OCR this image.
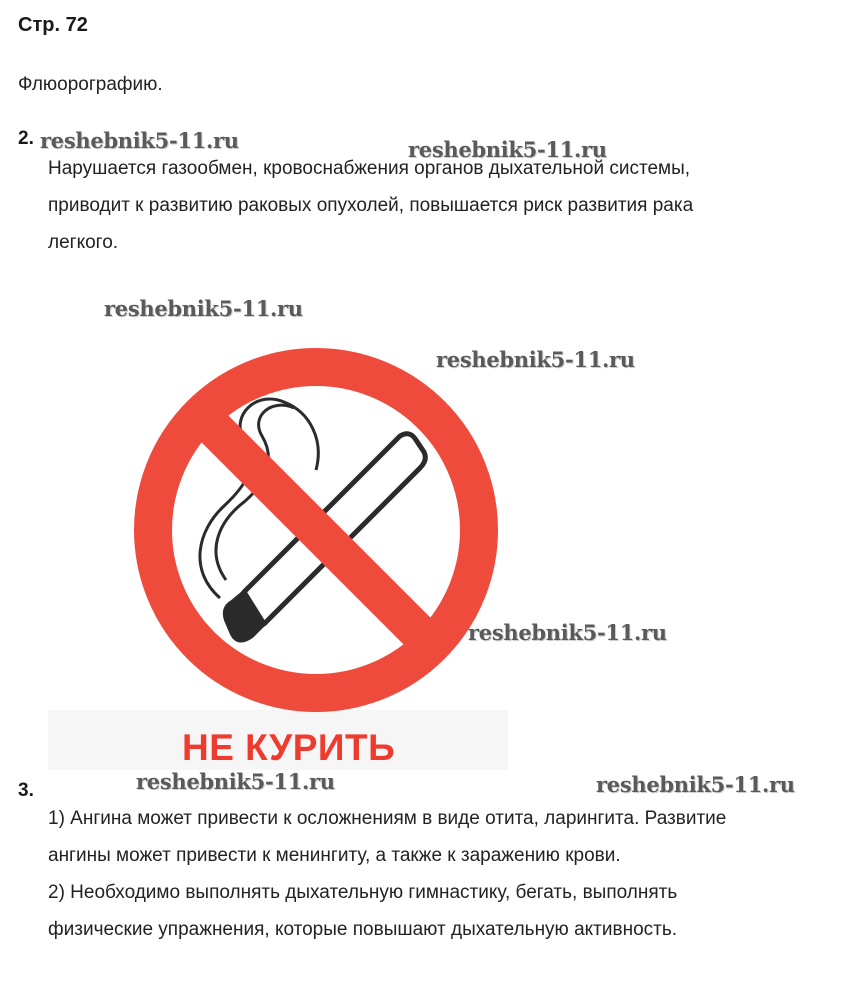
Стр. 72
Флюорографию.
2.
Нарушается газообмен, кровоснабжения органов дыхательной системы,
приводит к развитию раковых опухолей, повышается риск развития рака
легкого.
НЕ КУРИТЬ
3.
1) Ангина может привести к осложнениям в виде отита, ларингита. Развитие
ангины может привести к менингиту, а также к заражению крови.
2) Необходимо выполнять дыхательную гимнастику, бегать, выполнять
физические упражнения, которые повышают дыхательную активность.
reshebnik5-11.ru	reshebnik5-11.ru
reshebnik5-11.ru
reshebnik5-11.ru
reshebnik5-11.ru
reshebnik5-11.ru	reshebnik5-11.ru
